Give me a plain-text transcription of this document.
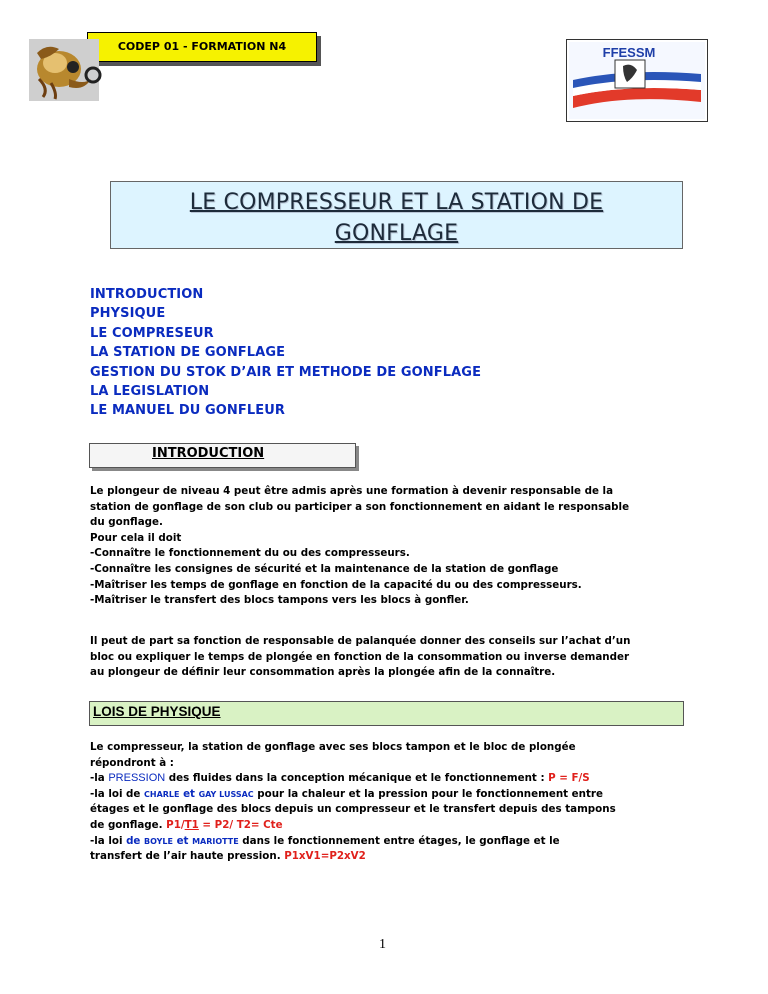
CODEP 01 - FORMATION N4	FFESSM
LE COMPRESSEUR ET LA STATION DE
GONFLAGE
INTRODUCTION
PHYSIQUE
LE COMPRESEUR
LA STATION DE GONFLAGE
GESTION DU STOK D’AIR ET METHODE DE GONFLAGE
LA LEGISLATION
LE MANUEL DU GONFLEUR
INTRODUCTION
Le plongeur de niveau 4 peut être admis après une formation à devenir responsable de la
station de gonflage de son club ou participer a son fonctionnement en aidant le responsable
du gonflage.
Pour cela il doit
-Connaître le fonctionnement du ou des compresseurs.
-Connaître les consignes de sécurité et la maintenance de la station de gonflage
-Maîtriser les temps de gonflage en fonction de la capacité du ou des compresseurs.
-Maîtriser le transfert des blocs tampons vers les blocs à gonfler.
Il peut de part sa fonction de responsable de palanquée donner des conseils sur l’achat d’un
bloc ou expliquer le temps de plongée en fonction de la consommation ou inverse demander
au plongeur de définir leur consommation après la plongée afin de la connaître.
LOIS DE PHYSIQUE
Le compresseur, la station de gonflage avec ses blocs tampon et le bloc de plongée
répondront à :
-la PRESSION des fluides dans la conception mécanique et le fonctionnement : P = F/S
-la loi de CHARLE et GAY LUSSAC pour la chaleur et la pression pour le fonctionnement entre
étages et le gonflage des blocs depuis un compresseur et le transfert depuis des tampons
de gonflage. P1/T1 = P2/ T2= Cte
-la loi de BOYLE et MARIOTTE dans le fonctionnement entre étages, le gonflage et le
transfert de l’air haute pression. P1xV1=P2xV2
1
